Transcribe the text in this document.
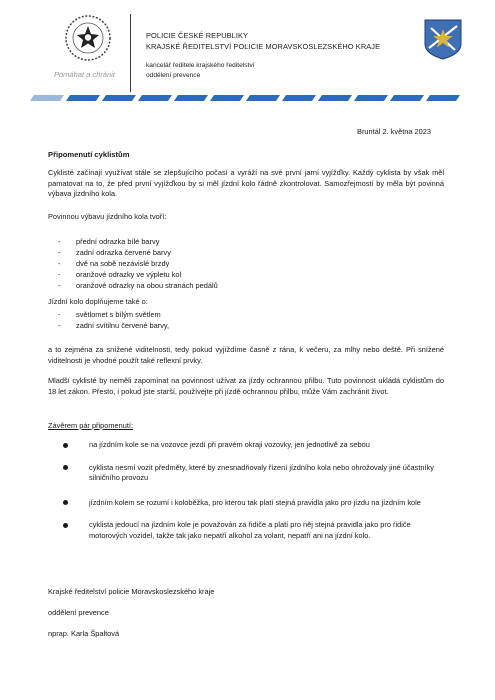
Pomáhat a chránit
POLICIE ČESKÉ REPUBLIKY
KRAJSKÉ ŘEDITELSTVÍ POLICIE MORAVSKOSLEZSKÉHO KRAJE
kancelář ředitele krajského ředitelství
oddělení prevence
Bruntál 2. května 2023
Připomenutí cyklistům
Cyklisté začínají využívat stále se zlepšujícího počasí a vyráží na své první jarní vyjížďky. Každý cyklista by však měl pamatovat na to, že před první vyjížďkou by si měl jízdní kolo řádně zkontrolovat. Samozřejmostí by měla být povinná výbava jízdního kola.
Povinnou výbavu jízdního kola tvoří:
- přední odrazka bílé barvy
- zadní odrazka červené barvy
- dvě na sobě nezávislé brzdy
- oranžové odrazky ve výpletu kol
- oranžové odrazky na obou stranách pedálů
Jízdní kolo doplňujeme také o:
- světlomet s bílým světlem
- zadní svítilnu červené barvy,
a to zejména za snížené viditelnosti, tedy pokud vyjíždíme časně z rána, k večeru, za mlhy nebo deště. Při snížené viditelnosti je vhodné použít také reflexní prvky.
Mladší cyklisté by neměli zapomínat na povinnost užívat za jízdy ochrannou přilbu. Tuto povinnost ukládá cyklistům do 18 let zákon. Přesto, i pokud jste starší, používejte při jízdě ochrannou přilbu, může Vám zachránit život.
Závěrem pár připomenutí:
na jízdním kole se na vozovce jezdí při pravém okraji vozovky, jen jednotlivě za sebou
cyklista nesmí vozit předměty, které by znesnadňovaly řízení jízdního kola nebo ohrožovaly jiné účastníky silničního provozu
jízdním kolem se rozumí i koloběžka, pro kterou tak platí stejná pravidla jako pro jízdu na jízdním kole
cyklista jedoucí na jízdním kole je považován za řidiče a platí pro něj stejná pravidla jako pro řidiče motorových vozidel, takže tak jako nepatří alkohol za volant, nepatří ani na jízdní kolo.
Krajské ředitelství policie Moravskoslezského kraje
oddělení prevence
nprap. Karla Špaltová
